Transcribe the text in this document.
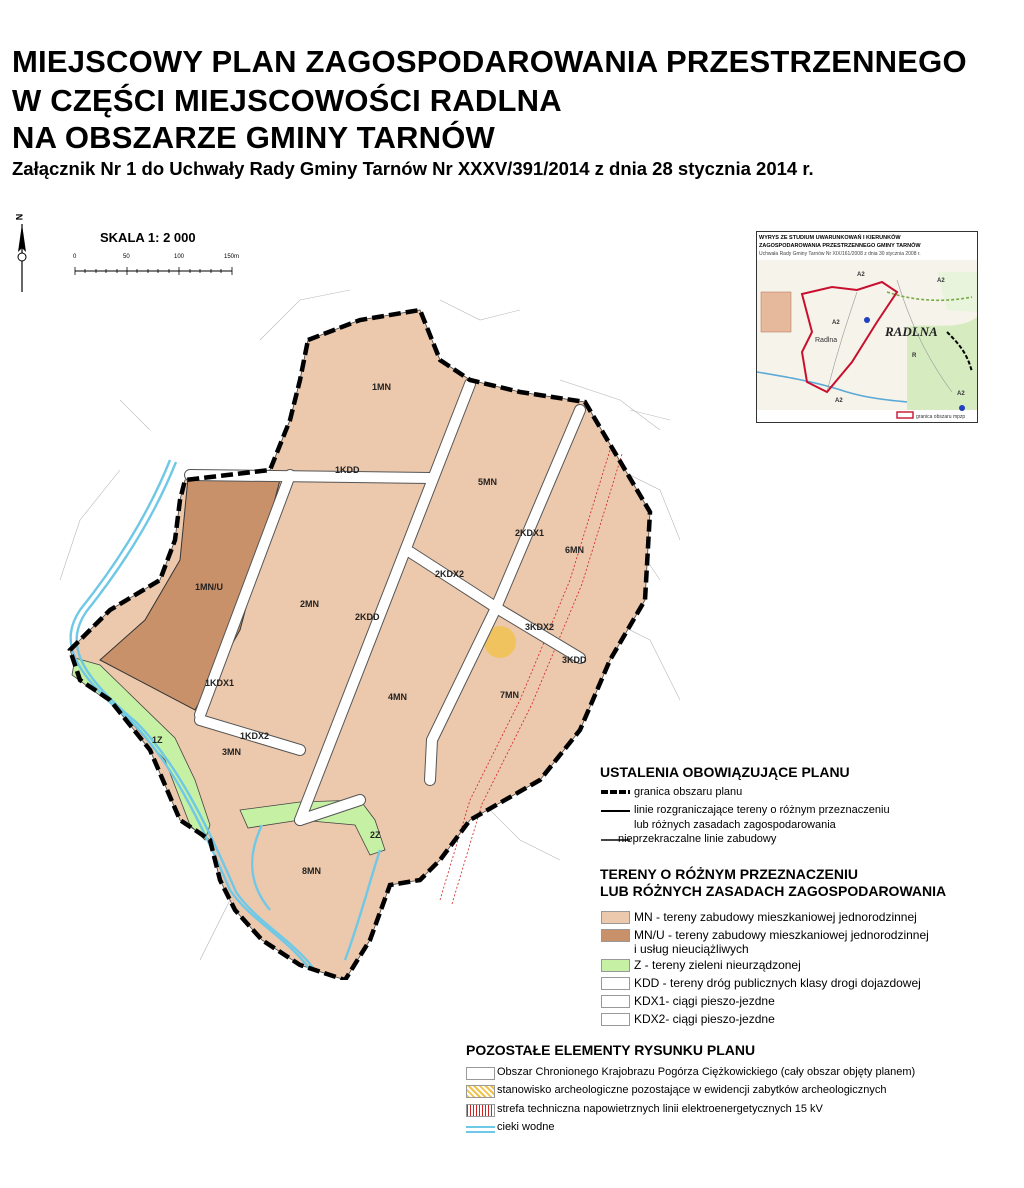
MIEJSCOWY PLAN ZAGOSPODAROWANIA PRZESTRZENNEGO
W CZĘŚCI MIEJSCOWOŚCI RADLNA
NA OBSZARZE GMINY TARNÓW
Załącznik Nr 1 do Uchwały Rady Gminy Tarnów Nr XXXV/391/2014 z dnia 28 stycznia 2014 r.
N
SKALA 1: 2 000
0	50	100	150m
WYRYS ZE STUDIUM UWARUNKOWAŃ I KIERUNKÓW
ZAGOSPODAROWANIA PRZESTRZENNEGO GMINY TARNÓW
Uchwała Rady Gminy Tarnów Nr XIX/161/2008 z dnia 30 stycznia 2008 r.
A2
A2
A2
A2
A2
R
RADLNA
Radlna
granica obszaru mpzp
1MN
1KDD
5MN
2KDX1
6MN
2KDX2
1MN/U
2MN
2KDD
3KDX2
3KDD
1KDX1
4MN	7MN
1KDX2
1Z
3MN
2Z
8MN
USTALENIA OBOWIĄZUJĄCE PLANU
granica obszaru planu
linie rozgraniczające tereny o różnym przeznaczeniu
lub różnych zasadach zagospodarowania
nieprzekraczalne linie zabudowy
TERENY O RÓŻNYM PRZEZNACZENIU
LUB RÓŻNYCH ZASADACH ZAGOSPODAROWANIA
MN - tereny zabudowy mieszkaniowej jednorodzinnej
MN/U - tereny zabudowy mieszkaniowej jednorodzinnej
i usług nieuciążliwych
Z - tereny zieleni nieurządzonej
KDD - tereny dróg publicznych klasy drogi dojazdowej
KDX1- ciągi pieszo-jezdne
KDX2- ciągi pieszo-jezdne
POZOSTAŁE ELEMENTY RYSUNKU PLANU
Obszar Chronionego Krajobrazu Pogórza Ciężkowickiego (cały obszar objęty planem)
stanowisko archeologiczne pozostające w ewidencji zabytków archeologicznych
strefa techniczna napowietrznych linii elektroenergetycznych 15 kV
cieki wodne
